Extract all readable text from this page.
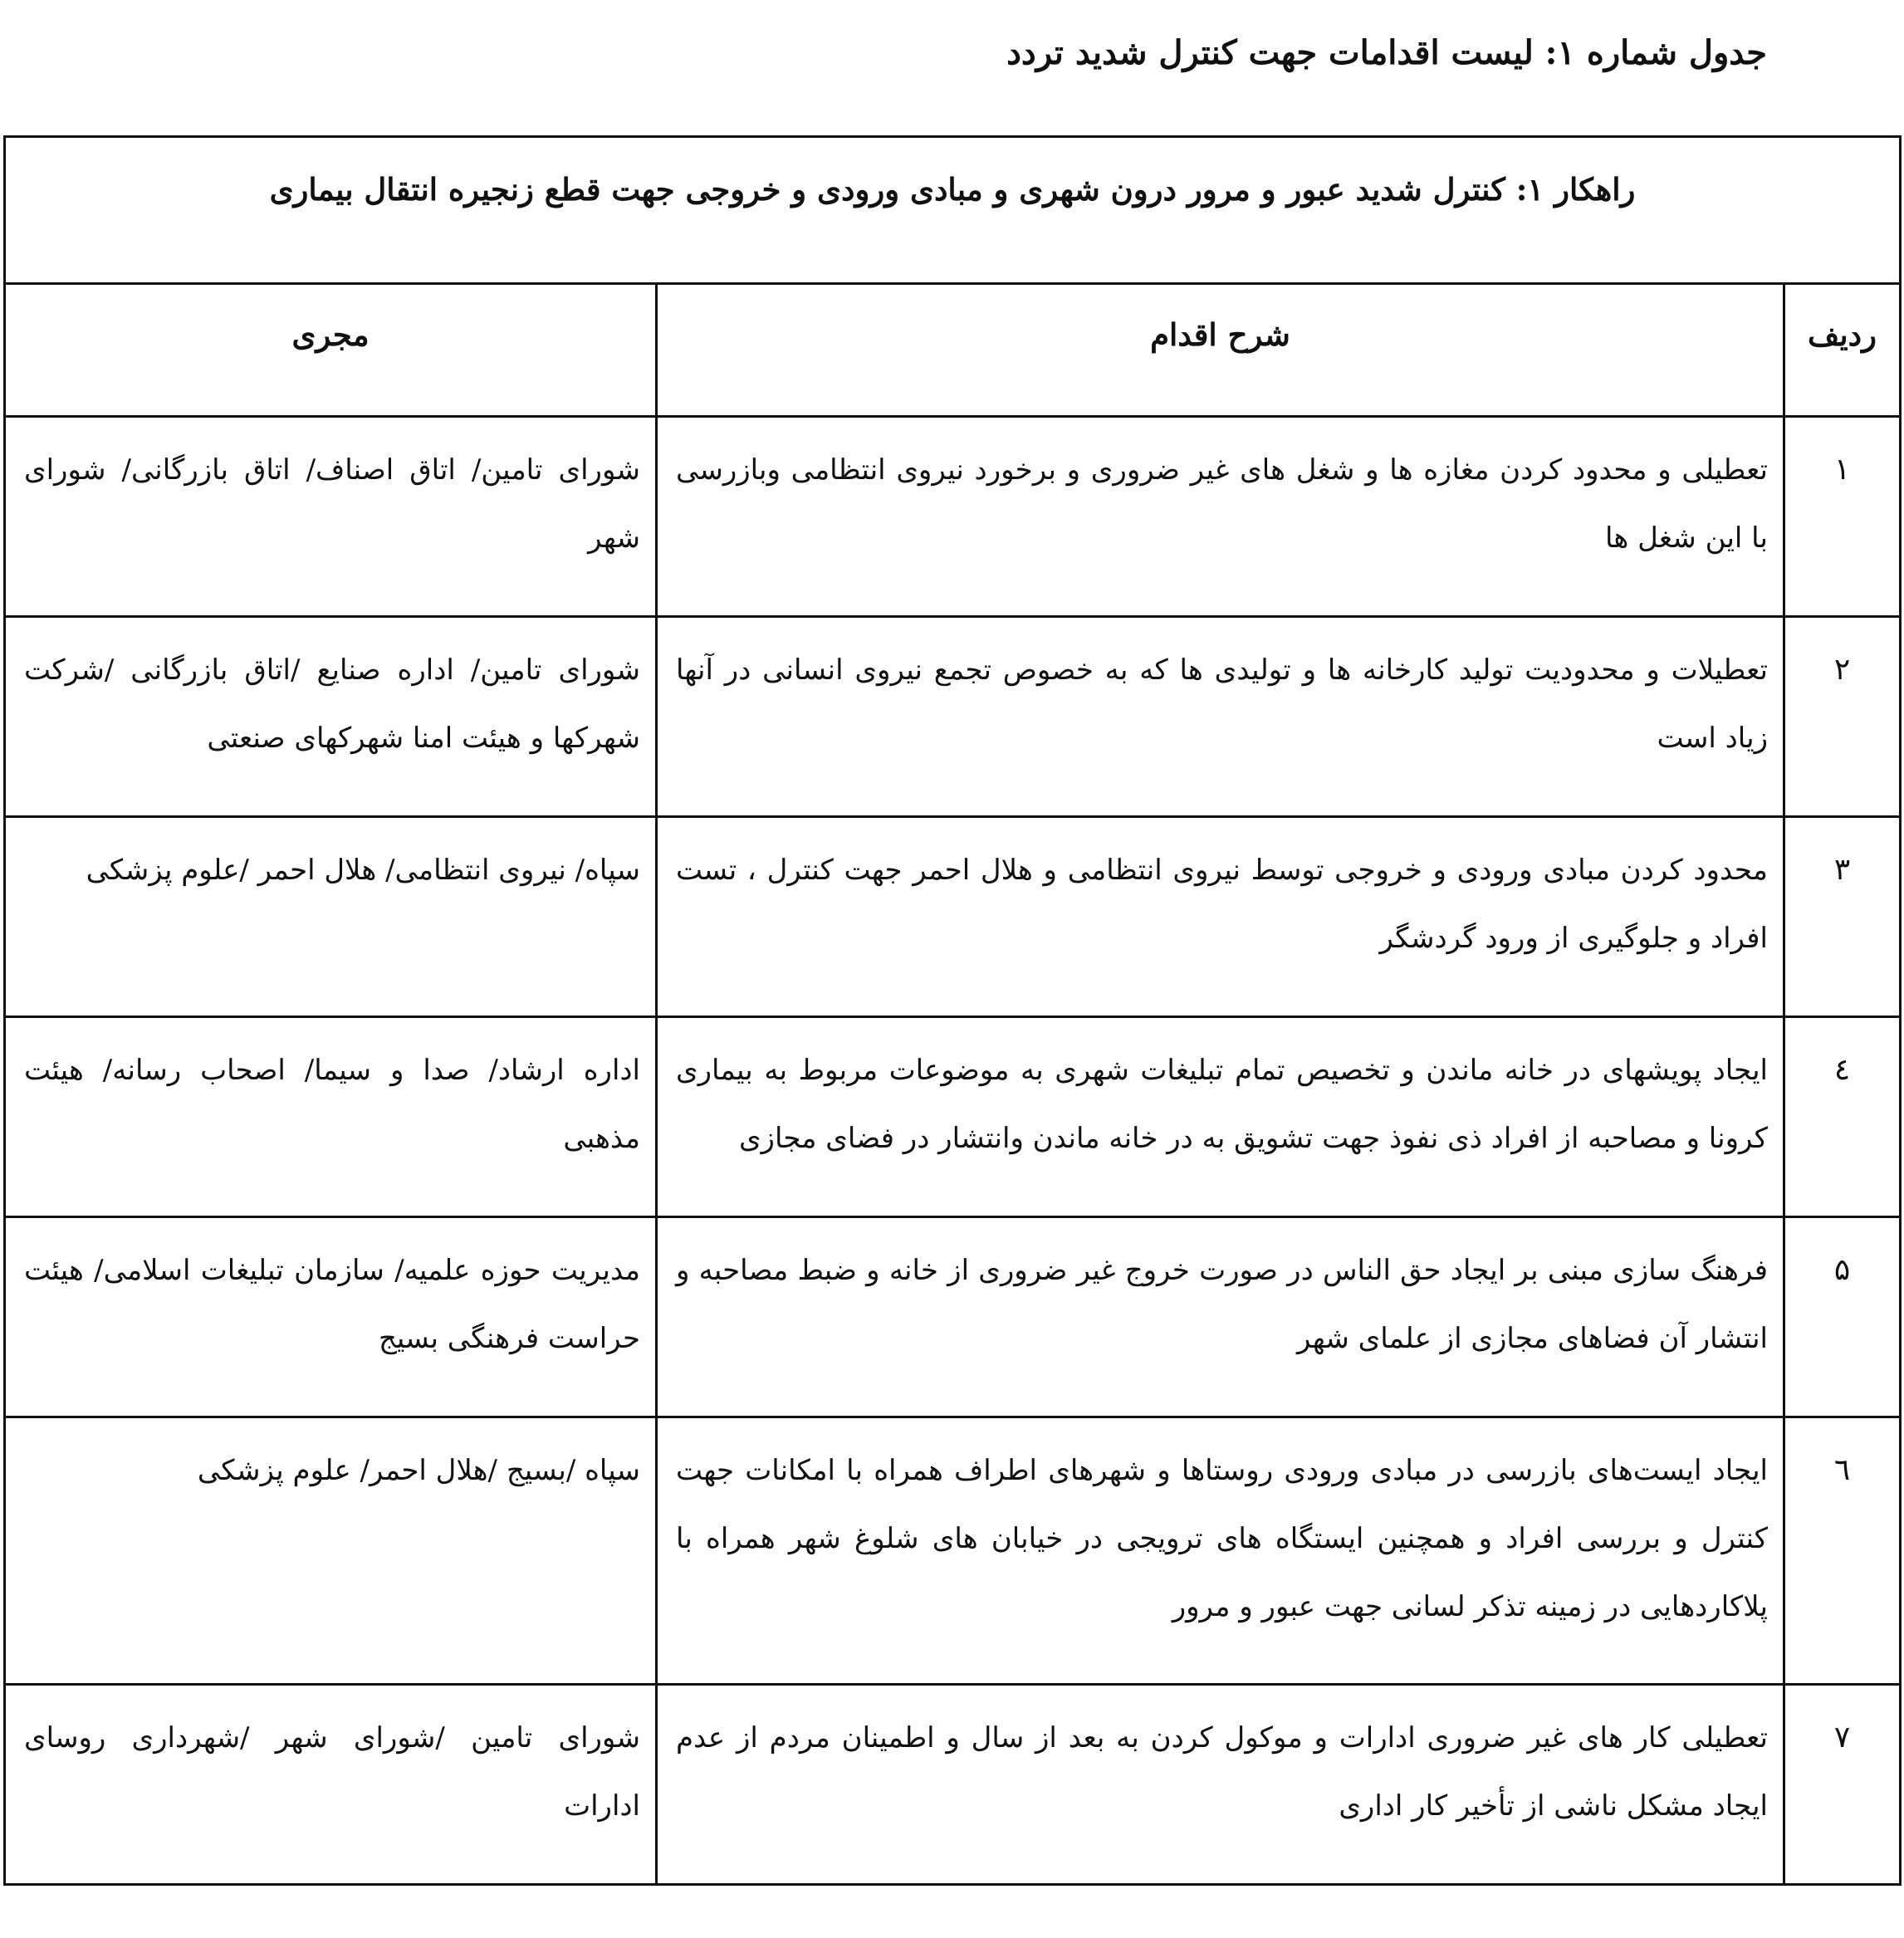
جدول شماره ۱: لیست اقدامات جهت کنترل شدید تردد
راهکار ۱: کنترل شدید عبور و مرور درون شهری و مبادی ورودی و خروجی جهت قطع زنجیره انتقال بیماری		
ردیف	شرح اقدام	مجری
۱	تعطیلی و محدود کردن مغازه ها و شغل های غیر ضروری و برخورد نیروی انتظامی وبازرسی با این شغل ها	شورای تامین/ اتاق اصناف/ اتاق بازرگانی/ شورای شهر
۲	تعطیلات و محدودیت تولید کارخانه ها و تولیدی ها که به خصوص تجمع نیروی انسانی در آنها زیاد است	شورای تامین/ اداره صنایع /اتاق بازرگانی /شرکت شهرکها و هیئت امنا شهرکهای صنعتی
۳	محدود کردن مبادی ورودی و خروجی توسط نیروی انتظامی و هلال احمر جهت کنترل ، تست افراد و جلوگیری از ورود گردشگر	سپاه/ نیروی انتظامی/ هلال احمر /علوم پزشکی
٤	ایجاد پویشهای در خانه ماندن و تخصیص تمام تبلیغات شهری به موضوعات مربوط به بیماری کرونا و مصاحبه از افراد ذی نفوذ جهت تشویق به در خانه ماندن وانتشار در فضای مجازی	اداره ارشاد/ صدا و سیما/ اصحاب رسانه/ هیئت مذهبی
۵	فرهنگ سازی مبنی بر ایجاد حق الناس در صورت خروج غیر ضروری از خانه و ضبط مصاحبه و انتشار آن فضاهای مجازی از علمای شهر	مدیریت حوزه علمیه/ سازمان تبلیغات اسلامی/ هیئت حراست فرهنگی بسیج
٦	ایجاد ایست‌های بازرسی در مبادی ورودی روستاها و شهرهای اطراف همراه با امکانات جهت کنترل و بررسی افراد و همچنین ایستگاه های ترویجی در خیابان های شلوغ شهر همراه با پلاکاردهایی در زمینه تذکر لسانی جهت عبور و مرور	سپاه /بسیج /هلال احمر/ علوم پزشکی
۷	تعطیلی کار های غیر ضروری ادارات و موکول کردن به بعد از سال و اطمینان مردم از عدم ایجاد مشکل ناشی از تأخیر کار اداری	شورای تامین /شورای شهر /شهرداری روسای ادارات
